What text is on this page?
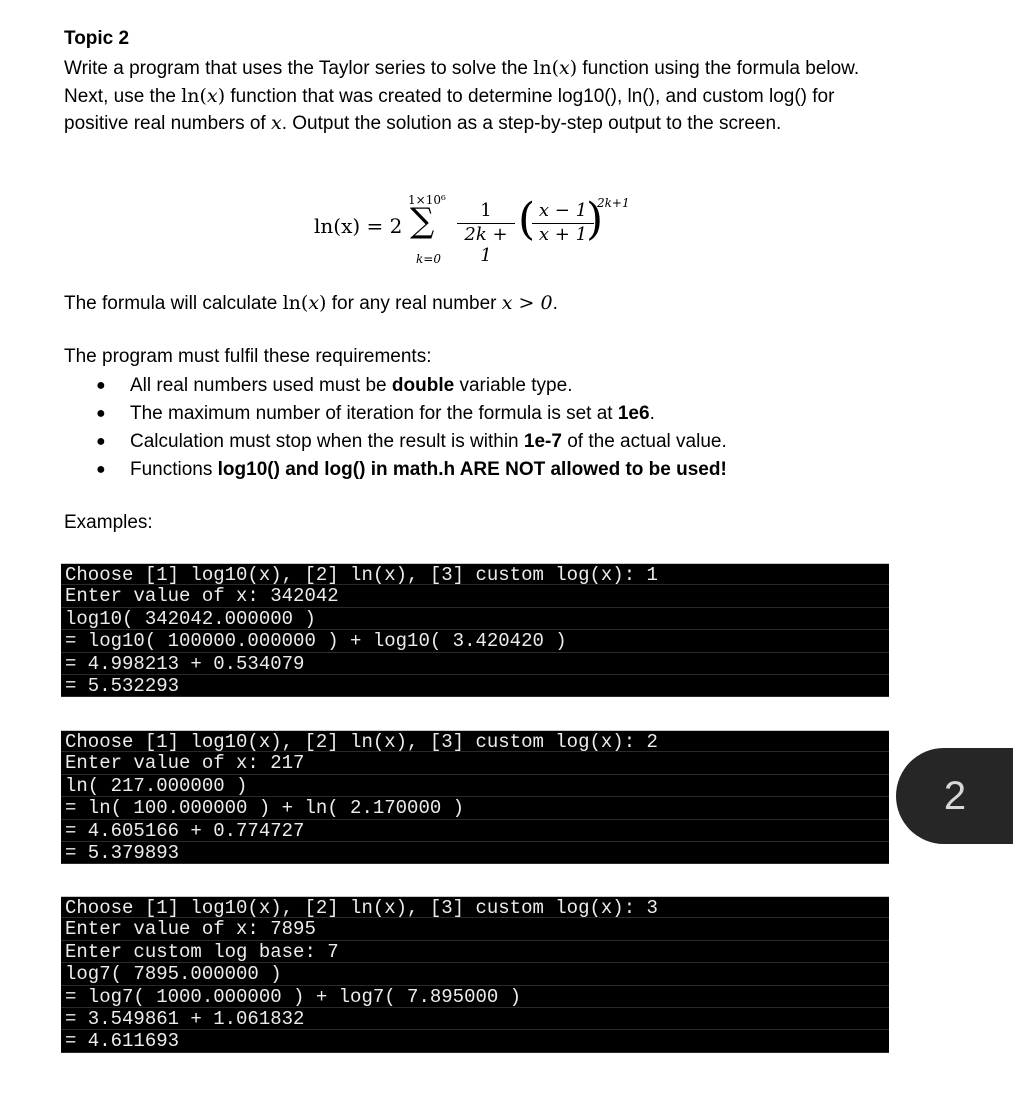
Topic 2
Write a program that uses the Taylor series to solve the ln(x) function using the formula below. Next, use the ln(x) function that was created to determine log10(), ln(), and custom log() for positive real numbers of x. Output the solution as a step-by-step output to the screen.
ln(x) = 2
1×10⁶
∑
$k=0 \frac{1}{2k + 1}$ (
$\frac{x - 1}{x + 1}$
)
2k+1
The formula will calculate ln(x) for any real number x > 0.
The program must fulfil these requirements:
● All real numbers used must be double variable type.
● The maximum number of iteration for the formula is set at 1e6.
● Calculation must stop when the result is within 1e-7 of the actual value.
● Functions log10() and log() in math.h ARE NOT allowed to be used!
Examples:
Choose [1] log10(x), [2] ln(x), [3] custom log(x): 1
Enter value of x: 342042
log10( 342042.000000 )
= log10( 100000.000000 ) + log10( 3.420420 )
= 4.998213 + 0.534079
= 5.532293
Choose [1] log10(x), [2] ln(x), [3] custom log(x): 2
Enter value of x: 217
ln( 217.000000 )
= ln( 100.000000 ) + ln( 2.170000 )
= 4.605166 + 0.774727
= 5.379893
Choose [1] log10(x), [2] ln(x), [3] custom log(x): 3
Enter value of x: 7895
Enter custom log base: 7
log7( 7895.000000 )
= log7( 1000.000000 ) + log7( 7.895000 )
= 3.549861 + 1.061832
= 4.611693
2
